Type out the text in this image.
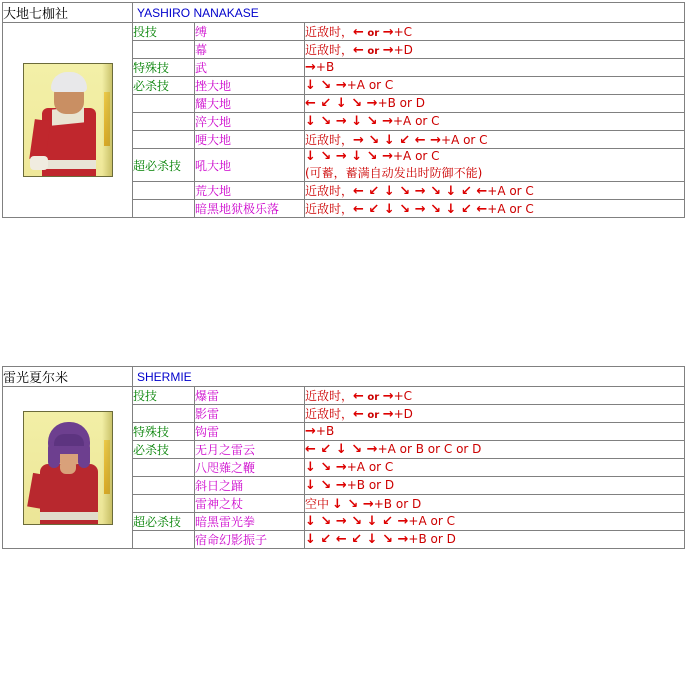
大地七枷社	YASHIRO NANAKASE		

	投技	缚	近敌时，← or →+C
		幕	近敌时，← or →+D
	特殊技	武	→+B
	必杀技	挫大地	↓ ↘ →+A or C
		耀大地	← ↙ ↓ ↘ →+B or D
		淬大地	↓ ↘ → ↓ ↘ →+A or C
		哽大地	近敌时，→ ↘ ↓ ↙ ← →+A or C
	超必杀技	吼大地	↓ ↘ → ↓ ↘ →+A or C
(可蓄，蓄满自动发出时防御不能)

		荒大地	近敌时，← ↙ ↓ ↘ → ↘ ↓ ↙ ←+A or C
		暗黑地狱极乐落	近敌时，← ↙ ↓ ↘ → ↘ ↓ ↙ ←+A or C
雷光夏尔米	SHERMIE		

	投技	爆雷	近敌时，← or →+C
		影雷	近敌时，← or →+D
	特殊技	钩雷	→+B
	必杀技	无月之雷云	← ↙ ↓ ↘ →+A or B or C or D
		八咫薙之鞭	↓ ↘ →+A or C
		斜日之踊	↓ ↘ →+B or D
		雷神之杖	空中 ↓ ↘ →+B or D
	超必杀技	暗黑雷光拳	↓ ↘ → ↘ ↓ ↙ →+A or C
		宿命幻影振子	↓ ↙ ← ↙ ↓ ↘ →+B or D
